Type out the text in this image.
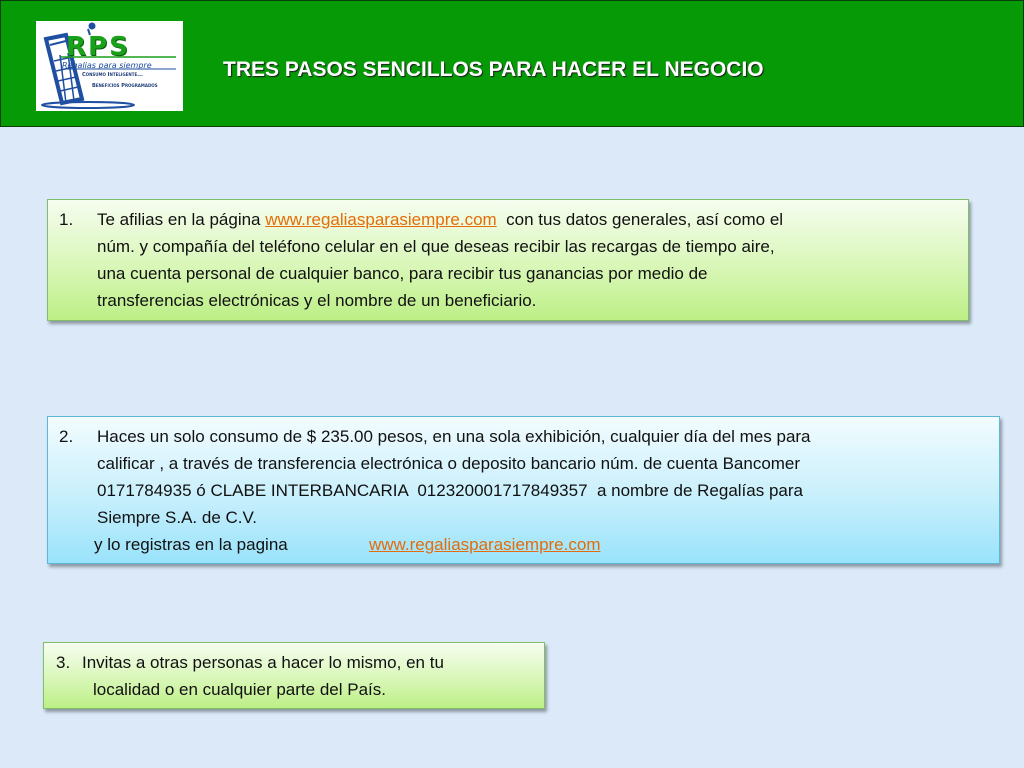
RPS
Regalias para siempre
Consumo Inteligente...
Beneficios Programados
TRES PASOS SENCILLOS PARA HACER EL NEGOCIO
1. Te afilias en la página www.regaliasparasiempre.com  con tus datos generales, así como el
núm. y compañía del teléfono celular en el que deseas recibir las recargas de tiempo aire,
una cuenta personal de cualquier banco, para recibir tus ganancias por medio de
transferencias electrónicas y el nombre de un beneficiario.
2. Haces un solo consumo de $ 235.00 pesos, en una sola exhibición, cualquier día del mes para
calificar , a través de transferencia electrónica o deposito bancario núm. de cuenta Bancomer
0171784935 ó CLABE INTERBANCARIA  012320001717849357  a nombre de Regalías para
Siempre S.A. de C.V.
y lo registras en la pagina	www.regaliasparasiempre.com
3. Invitas a otras personas a hacer lo mismo, en tu
localidad o en cualquier parte del País.
